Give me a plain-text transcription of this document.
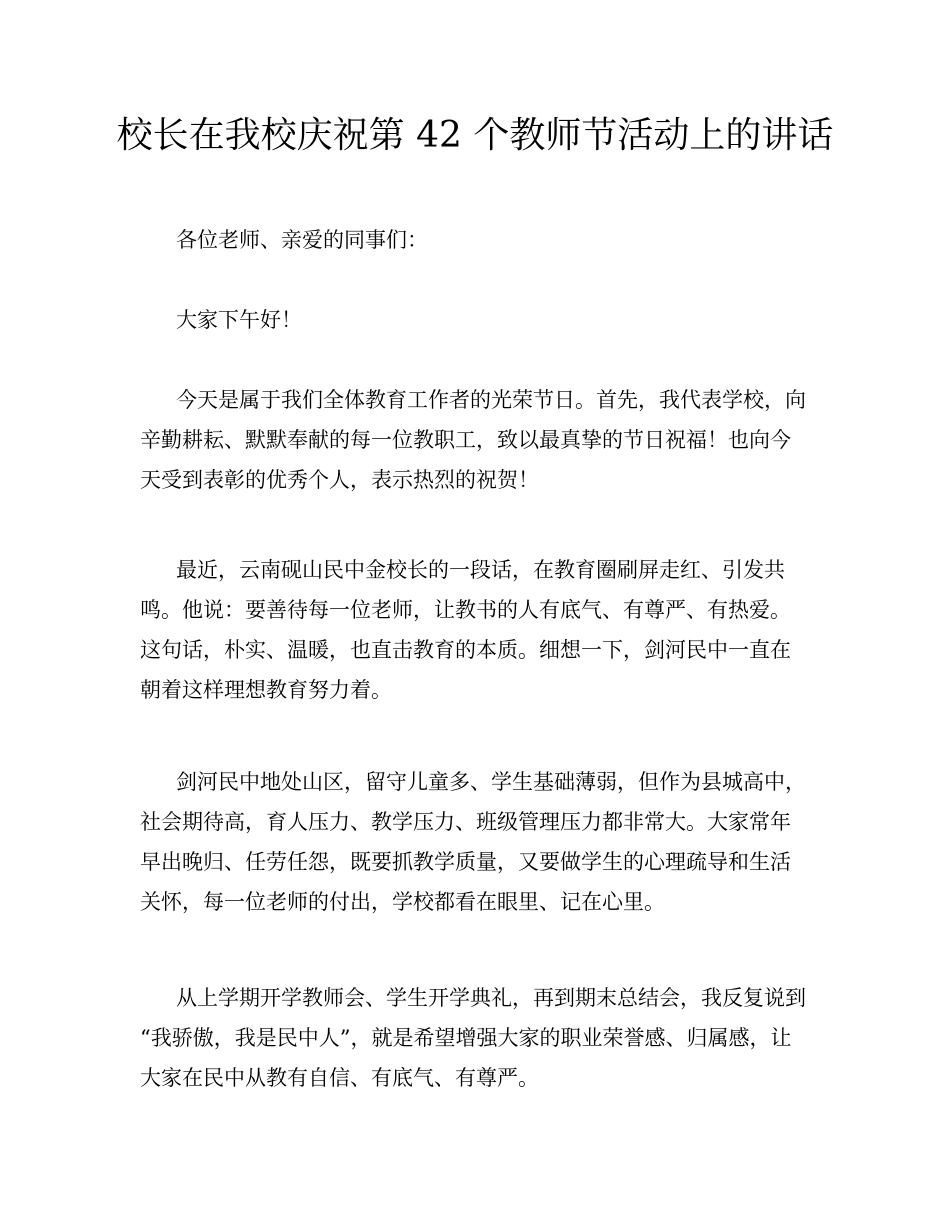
校长在我校庆祝第 42 个教师节活动上的讲话

各位老师、亲爱的同事们：

大家下午好！

今天是属于我们全体教育工作者的光荣节日。首先，我代表学校，向辛勤耕耘、默默奉献的每一位教职工，致以最真挚的节日祝福！也向今天受到表彰的优秀个人，表示热烈的祝贺！

最近，云南砚山民中金校长的一段话，在教育圈刷屏走红、引发共鸣。他说：要善待每一位老师，让教书的人有底气、有尊严、有热爱。这句话，朴实、温暖，也直击教育的本质。细想一下，剑河民中一直在朝着这样理想教育努力着。

剑河民中地处山区，留守儿童多、学生基础薄弱，但作为县城高中，社会期待高，育人压力、教学压力、班级管理压力都非常大。大家常年早出晚归、任劳任怨，既要抓教学质量，又要做学生的心理疏导和生活关怀，每一位老师的付出，学校都看在眼里、记在心里。

从上学期开学教师会、学生开学典礼，再到期末总结会，我反复说到 “我骄傲，我是民中人”，就是希望增强大家的职业荣誉感、归属感，让大家在民中从教有自信、有底气、有尊严。
